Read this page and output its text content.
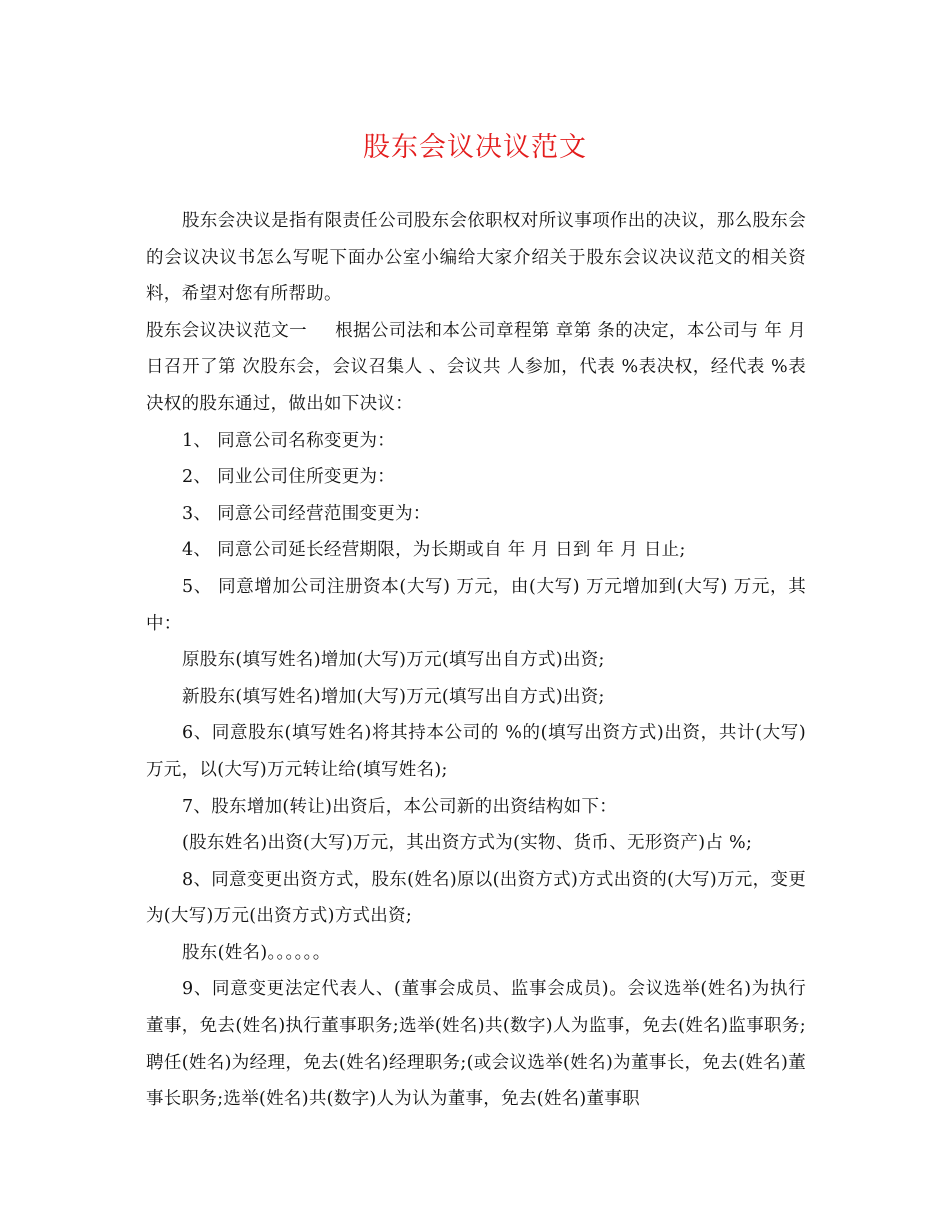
股东会议决议范文

股东会决议是指有限责任公司股东会依职权对所议事项作出的决议，那么股东会的会议决议书怎么写呢下面办公室小编给大家介绍关于股东会议决议范文的相关资料，希望对您有所帮助。

股东会议决议范文一 根据公司法和本公司章程第 章第 条的决定，本公司与 年 月 日召开了第 次股东会，会议召集人 、会议共 人参加，代表 %表决权，经代表 %表决权的股东通过，做出如下决议：

1、 同意公司名称变更为：

2、 同业公司住所变更为：

3、 同意公司经营范围变更为：

4、 同意公司延长经营期限，为长期或自 年 月 日到 年 月 日止;

5、 同意增加公司注册资本(大写) 万元，由(大写) 万元增加到(大写) 万元，其中：

原股东(填写姓名)增加(大写)万元(填写出自方式)出资;

新股东(填写姓名)增加(大写)万元(填写出自方式)出资;

6、同意股东(填写姓名)将其持本公司的 %的(填写出资方式)出资，共计(大写) 万元，以(大写)万元转让给(填写姓名);

7、股东增加(转让)出资后，本公司新的出资结构如下：

(股东姓名)出资(大写)万元，其出资方式为(实物、货币、无形资产)占 %;

8、同意变更出资方式，股东(姓名)原以(出资方式)方式出资的(大写)万元，变更为(大写)万元(出资方式)方式出资;

股东(姓名)。。。。。。

9、同意变更法定代表人、(董事会成员、监事会成员)。会议选举(姓名)为执行董事，免去(姓名)执行董事职务;选举(姓名)共(数字)人为监事，免去(姓名)监事职务;聘任(姓名)为经理，免去(姓名)经理职务;(或会议选举(姓名)为董事长，免去(姓名)董事长职务;选举(姓名)共(数字)人为认为董事，免去(姓名)董事职
